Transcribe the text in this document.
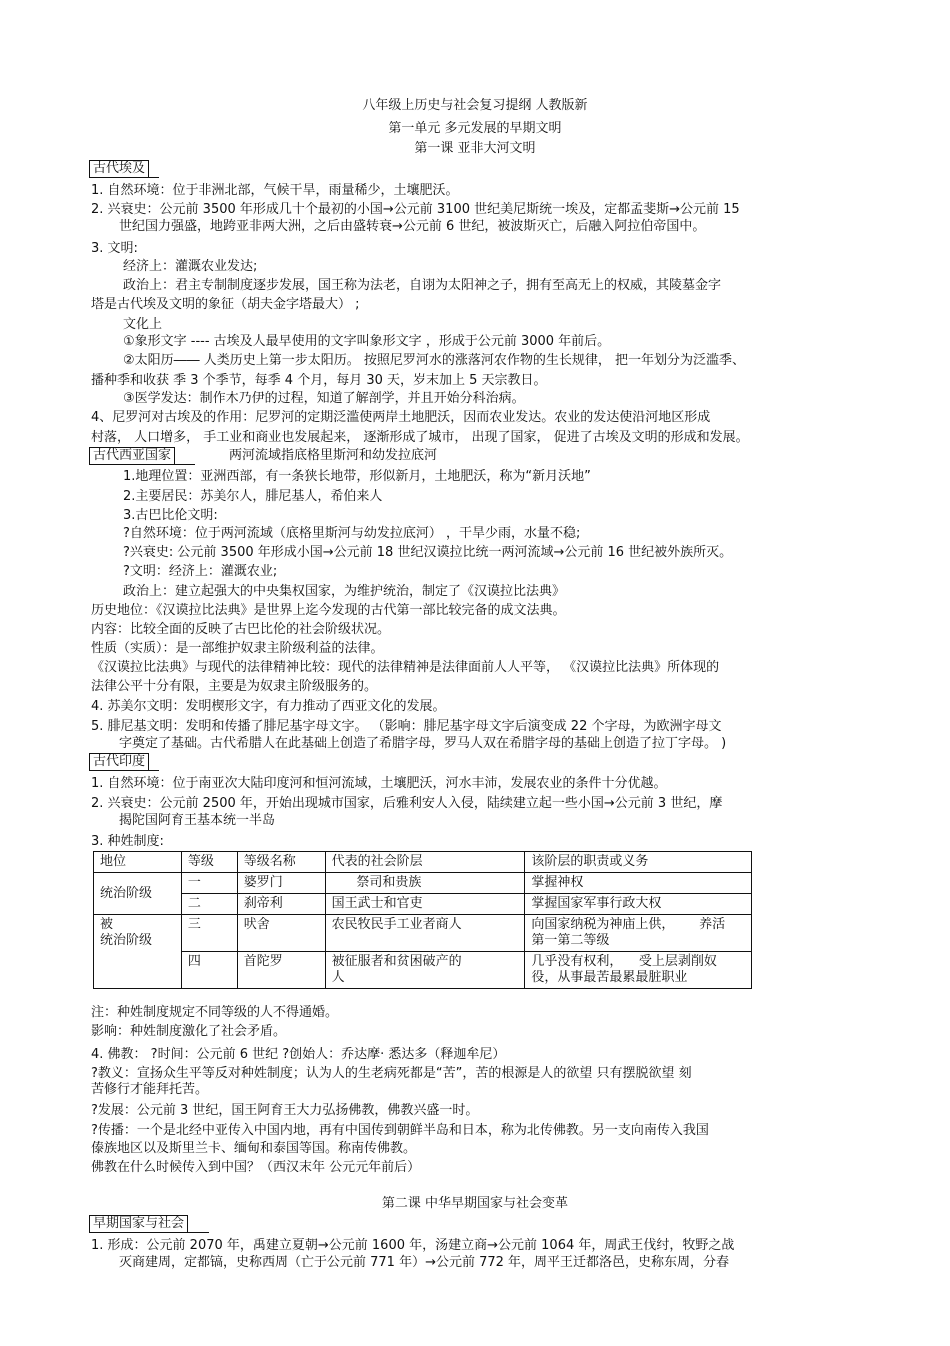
八年级上历史与社会复习提纲 人教版新
第一单元 多元发展的早期文明
第一课 亚非大河文明
古代埃及
1. 自然环境：位于非洲北部，气候干旱，雨量稀少，土壤肥沃。
2. 兴衰史：公元前 3500 年形成几十个最初的小国→公元前 3100 世纪美尼斯统一埃及，定都孟斐斯→公元前 15
世纪国力强盛，地跨亚非两大洲，之后由盛转衰→公元前 6 世纪，被波斯灭亡，后融入阿拉伯帝国中。
3. 文明:
经济上：灌溉农业发达;
政治上：君主专制制度逐步发展，国王称为法老，自诩为太阳神之子，拥有至高无上的权威，其陵墓金字
塔是古代埃及文明的象征（胡夫金字塔最大） ;
文化上
①象形文字 ---- 古埃及人最早使用的文字叫象形文字 ，形成于公元前 3000 年前后。
②太阳历―― 人类历史上第一步太阳历。 按照尼罗河水的涨落河农作物的生长规律， 把一年划分为泛滥季、
播种季和收获 季 3 个季节，每季 4 个月，每月 30 天，岁末加上 5 天宗教日。
③医学发达：制作木乃伊的过程，知道了解剖学，并且开始分科治病。
4、尼罗河对古埃及的作用：尼罗河的定期泛滥使两岸土地肥沃，因而农业发达。农业的发达使沿河地区形成
村落， 人口增多， 手工业和商业也发展起来， 逐渐形成了城市， 出现了国家， 促进了古埃及文明的形成和发展。
古代西亚国家	两河流域指底格里斯河和幼发拉底河
1.地理位置：亚洲西部，有一条狭长地带，形似新月，土地肥沃，称为“新月沃地”
2.主要居民：苏美尔人，腓尼基人，希伯来人
3.古巴比伦文明:
?自然环境：位于两河流域（底格里斯河与幼发拉底河） ，干旱少雨，水量不稳;
?兴衰史: 公元前 3500 年形成小国→公元前 18 世纪汉谟拉比统一两河流域→公元前 16 世纪被外族所灭。
?文明：经济上：灌溉农业;
政治上：建立起强大的中央集权国家，为维护统治，制定了《汉谟拉比法典》
历史地位：《汉谟拉比法典》是世界上迄今发现的古代第一部比较完备的成文法典。
内容：比较全面的反映了古巴比伦的社会阶级状况。
性质（实质）：是一部维护奴隶主阶级利益的法律。
《汉谟拉比法典》与现代的法律精神比较：现代的法律精神是法律面前人人平等， 《汉谟拉比法典》所体现的
法律公平十分有限，主要是为奴隶主阶级服务的。
4. 苏美尔文明：发明楔形文字，有力推动了西亚文化的发展。
5. 腓尼基文明：发明和传播了腓尼基字母文字。 （影响：腓尼基字母文字后演变成 22 个字母，为欧洲字母文
字奠定了基础。古代希腊人在此基础上创造了希腊字母，罗马人双在希腊字母的基础上创造了拉丁字母。 )
古代印度
1. 自然环境：位于南亚次大陆印度河和恒河流域，土壤肥沃，河水丰沛，发展农业的条件十分优越。
2. 兴衰史：公元前 2500 年，开始出现城市国家，后雅利安人入侵，陆续建立起一些小国→公元前 3 世纪，摩
揭陀国阿育王基本统一半岛
3. 种姓制度:
地位	等级	等级名称	代表的社会阶层	该阶层的职责或义务
统治阶级	一	婆罗门	祭司和贵族	掌握神权
	二	刹帝利	国王武士和官吏	掌握国家军事行政大权
被
统治阶级	三	吠舍	农民牧民手工业者商人	向国家纳税为神庙上供，      养活
第一第二等级
	四	首陀罗	被征服者和贫困破产的
人	几乎没有权利，    受上层剥削奴
役，从事最苦最累最脏职业
注：种姓制度规定不同等级的人不得通婚。
影响：种姓制度激化了社会矛盾。
4. 佛教： ?时间：公元前 6 世纪 ?创始人：乔达摩· 悉达多（释迦牟尼）
?教义：宣扬众生平等反对种姓制度；认为人的生老病死都是“苦”，苦的根源是人的欲望 只有摆脱欲望 刻
苦修行才能拜托苦。
?发展：公元前 3 世纪，国王阿育王大力弘扬佛教，佛教兴盛一时。
?传播：一个是北经中亚传入中国内地，再有中国传到朝鲜半岛和日本，称为北传佛教。另一支向南传入我国
傣族地区以及斯里兰卡、缅甸和泰国等国。称南传佛教。
佛教在什么时候传入到中国？（西汉末年 公元元年前后）
第二课 中华早期国家与社会变革
早期国家与社会
1. 形成：公元前 2070 年，禹建立夏朝→公元前 1600 年，汤建立商→公元前 1064 年，周武王伐纣，牧野之战
灭商建周，定都镐，史称西周（亡于公元前 771 年）→公元前 772 年，周平王迁都洛邑，史称东周，分春
